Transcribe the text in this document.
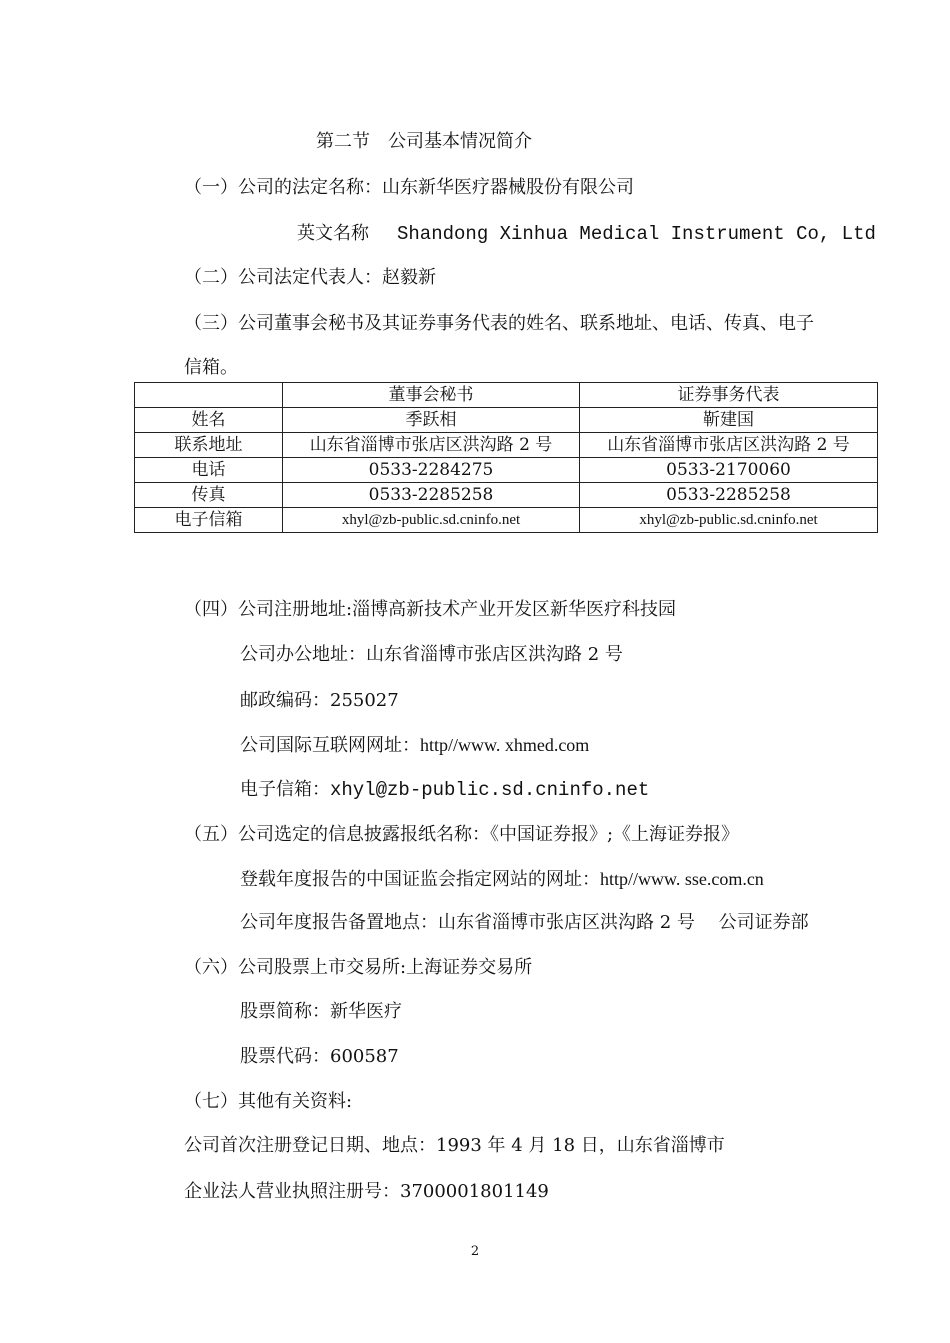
第二节　公司基本情况简介
（一）公司的法定名称：山东新华医疗器械股份有限公司
英文名称 Shandong Xinhua Medical Instrument Co, Ltd
（二）公司法定代表人：赵毅新
（三）公司董事会秘书及其证券事务代表的姓名、联系地址、电话、传真、电子
信箱。
	董事会秘书	证券事务代表
姓名	季跃相	靳建国
联系地址	山东省淄博市张店区洪沟路 2 号	山东省淄博市张店区洪沟路 2 号
电话	0533-2284275	0533-2170060
传真	0533-2285258	0533-2285258
电子信箱	xhyl@zb-public.sd.cninfo.net	xhyl@zb-public.sd.cninfo.net
（四）公司注册地址:淄博高新技术产业开发区新华医疗科技园
公司办公地址：山东省淄博市张店区洪沟路 2 号
邮政编码：255027
公司国际互联网网址：http//www. xhmed.com
电子信箱：xhyl@zb-public.sd.cninfo.net
（五）公司选定的信息披露报纸名称：《中国证券报》;《上海证券报》
登载年度报告的中国证监会指定网站的网址：http//www. sse.com.cn
公司年度报告备置地点：山东省淄博市张店区洪沟路 2 号　 公司证券部
（六）公司股票上市交易所:上海证券交易所
股票简称：新华医疗
股票代码：600587
（七）其他有关资料:
公司首次注册登记日期、地点：1993 年 4 月 18 日，山东省淄博市
企业法人营业执照注册号：3700001801149
2
